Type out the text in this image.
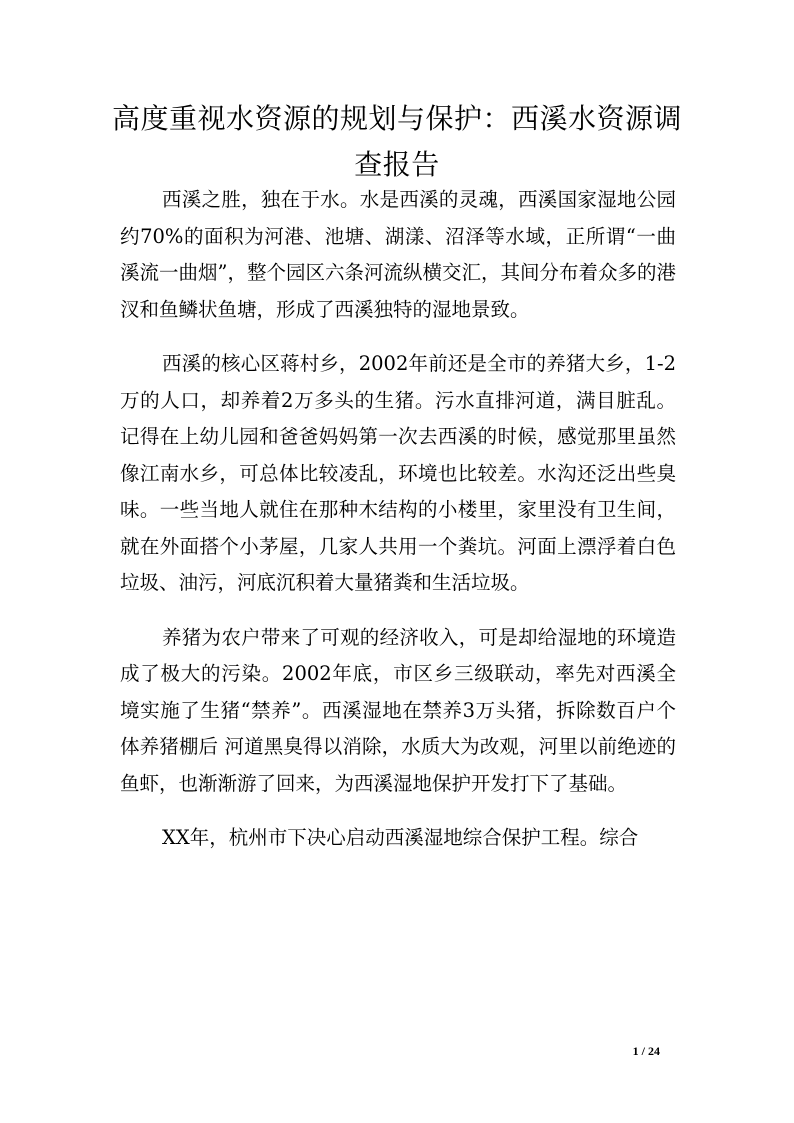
高度重视水资源的规划与保护：西溪水资源调查报告

西溪之胜，独在于水。水是西溪的灵魂，西溪国家湿地公园约70%的面积为河港、池塘、湖漾、沼泽等水域，正所谓“一曲溪流一曲烟”，整个园区六条河流纵横交汇，其间分布着众多的港汊和鱼鳞状鱼塘，形成了西溪独特的湿地景致。

西溪的核心区蒋村乡，2002年前还是全市的养猪大乡，1-2万的人口，却养着2万多头的生猪。污水直排河道，满目脏乱。记得在上幼儿园和爸爸妈妈第一次去西溪的时候，感觉那里虽然像江南水乡，可总体比较凌乱，环境也比较差。水沟还泛出些臭味。一些当地人就住在那种木结构的小楼里，家里没有卫生间，就在外面搭个小茅屋，几家人共用一个粪坑。河面上漂浮着白色垃圾、油污，河底沉积着大量猪粪和生活垃圾。

养猪为农户带来了可观的经济收入，可是却给湿地的环境造成了极大的污染。2002年底，市区乡三级联动，率先对西溪全境实施了生猪“禁养”。西溪湿地在禁养3万头猪，拆除数百户个体养猪棚后 河道黑臭得以消除，水质大为改观，河里以前绝迹的鱼虾，也渐渐游了回来，为西溪湿地保护开发打下了基础。

XX年，杭州市下决心启动西溪湿地综合保护工程。综合

1 / 24
